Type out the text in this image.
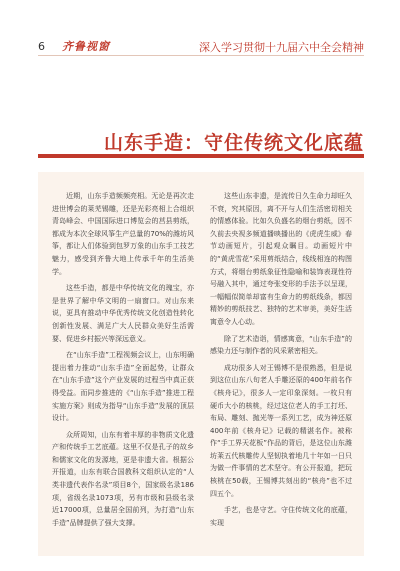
6 齐鲁视窗	深入学习贯彻十九届六中全会精神
山东手造：守住传统文化底蕴

近期，山东手造频频亮相。无论是再次走进世博会的莱芜锡雕，还是光彩亮相上合组织青岛峰会、中国国际进口博览会的莒县剪纸，都成为本次全球风筝生产总量的70%的潍坊风筝，都让人们体验到包罗万象的山东手工技艺魅力，感受到齐鲁大地上传承千年的生活美学。

这些手造，都是中华传统文化的瑰宝，亦是世界了解中华文明的一扇窗口。对山东来说，更具有推动中华优秀传统文化创造性转化创新性发展、满足广大人民群众美好生活需要、促进乡村振兴等深远意义。

在“山东手造”工程视频会议上，山东明确提出着力推动“山东手造”全面起势，让群众在“山东手造”这个产业发展的过程当中真正获得受益。而同步推进的《“山东手造”推进工程实施方案》则成为指导“山东手造”发展的顶层设计。

众所周知，山东有着丰厚的非物质文化遗产和传统手工艺底蕴。这里不仅是孔子的故乡和儒家文化的发源地，更是非遗大省。根据公开报道，山东有联合国教科文组织认定的“人类非遗代表作名录”项目8个，国家级名录186项，省级名录1073项，另有市级和县级名录近17000项，总量居全国前列，为打造“山东手造”品牌提供了强大支撑。

这些山东非遗，是流传日久生命力却旺久不衰，究其原因，离不开与人们生活密切相关的情感体验。比如久负盛名的烟台剪纸，因不久前去央视多频道播映播出的《虎虎生威》春节动画短片，引起观众瞩目。动画短片中的“黄虎雪花”采用剪纸结合，线线相连的构图方式，将烟台剪纸象征性隐喻和装饰表现性符号融入其中，通过夸张变形的手法予以呈现，一幅幅似简单却富有生命力的剪纸线条，都因精妙的剪纸技艺、独特的艺术审美，美好生活寓意令人心动。

除了艺术造诣，情感寓意，“山东手造”的感染力还与制作者的风采紧密相关。

成功很多人对王锡博不是很熟悉，但是说到这位山东八旬老人手雕还原的400年前名作《核舟记》，很多人一定印象深刻。一枚只有硬币大小的核桃，经过这位老人的手工打坯、布局、雕刻、抛光等一系列工艺，成为神还原400年前《核舟记》记载的精湛名作。被称作“手工界天花板”作品的背后，是这位山东潍坊莱五代核雕传人坚韧执着地几十年如一日只为做一件事情的艺术坚守。有公开报道，把玩核桃在50载，王锡博共刻出的“核舟”也不过四五个。

手艺，也是守艺。守住传统文化的底蕴，实现
